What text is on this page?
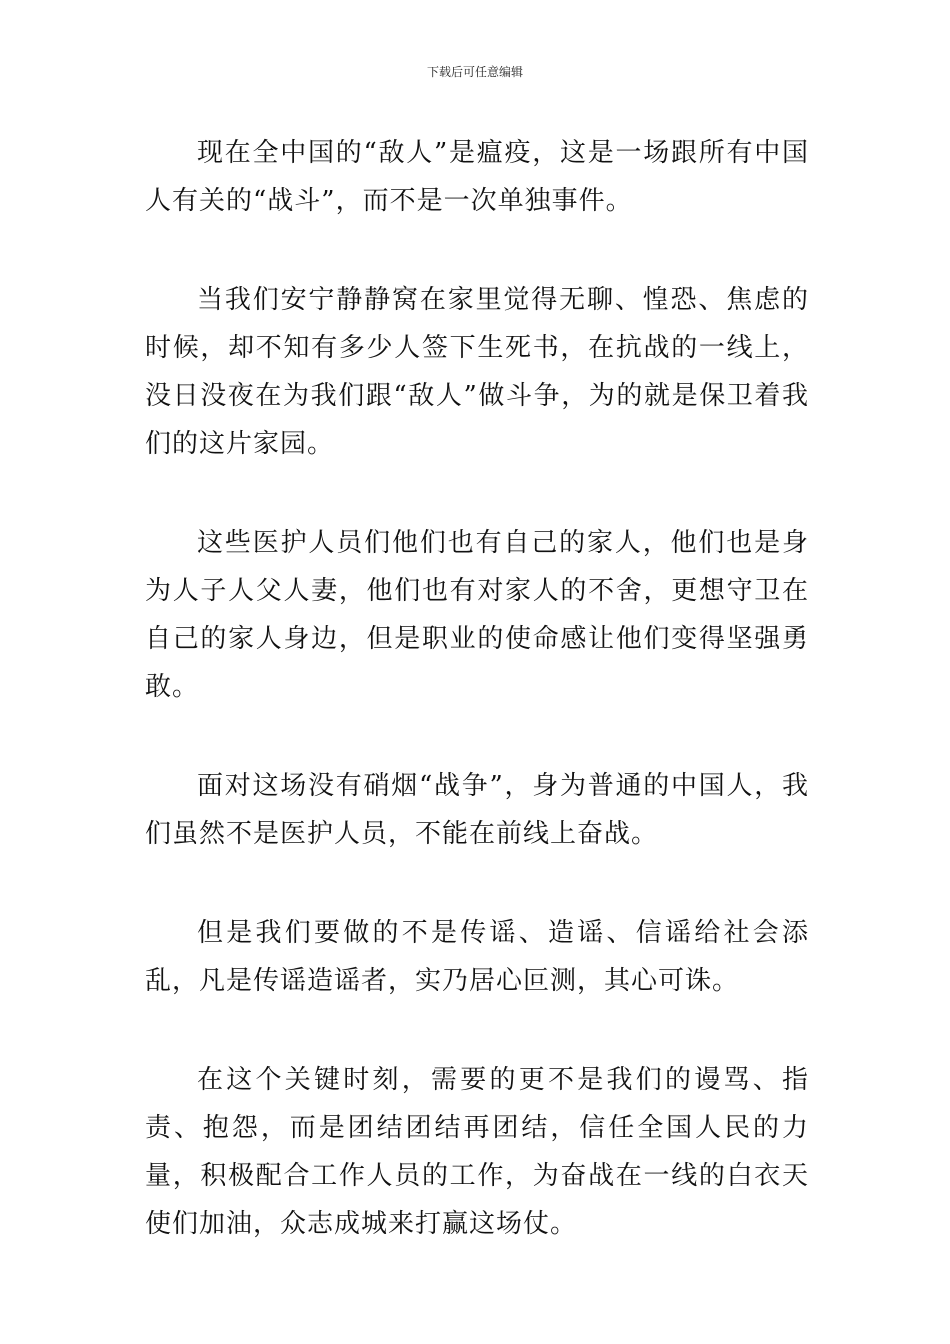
下载后可任意编辑

现在全中国的“敌人”是瘟疫，这是一场跟所有中国人有关的“战斗”，而不是一次单独事件。

当我们安宁静静窝在家里觉得无聊、惶恐、焦虑的时候，却不知有多少人签下生死书，在抗战的一线上，没日没夜在为我们跟“敌人”做斗争，为的就是保卫着我们的这片家园。

这些医护人员们他们也有自己的家人，他们也是身为人子人父人妻，他们也有对家人的不舍，更想守卫在自己的家人身边，但是职业的使命感让他们变得坚强勇敢。

面对这场没有硝烟“战争”，身为普通的中国人，我们虽然不是医护人员，不能在前线上奋战。

但是我们要做的不是传谣、造谣、信谣给社会添乱，凡是传谣造谣者，实乃居心叵测，其心可诛。

在这个关键时刻，需要的更不是我们的谩骂、指责、抱怨，而是团结团结再团结，信任全国人民的力量，积极配合工作人员的工作，为奋战在一线的白衣天使们加油，众志成城来打赢这场仗。
